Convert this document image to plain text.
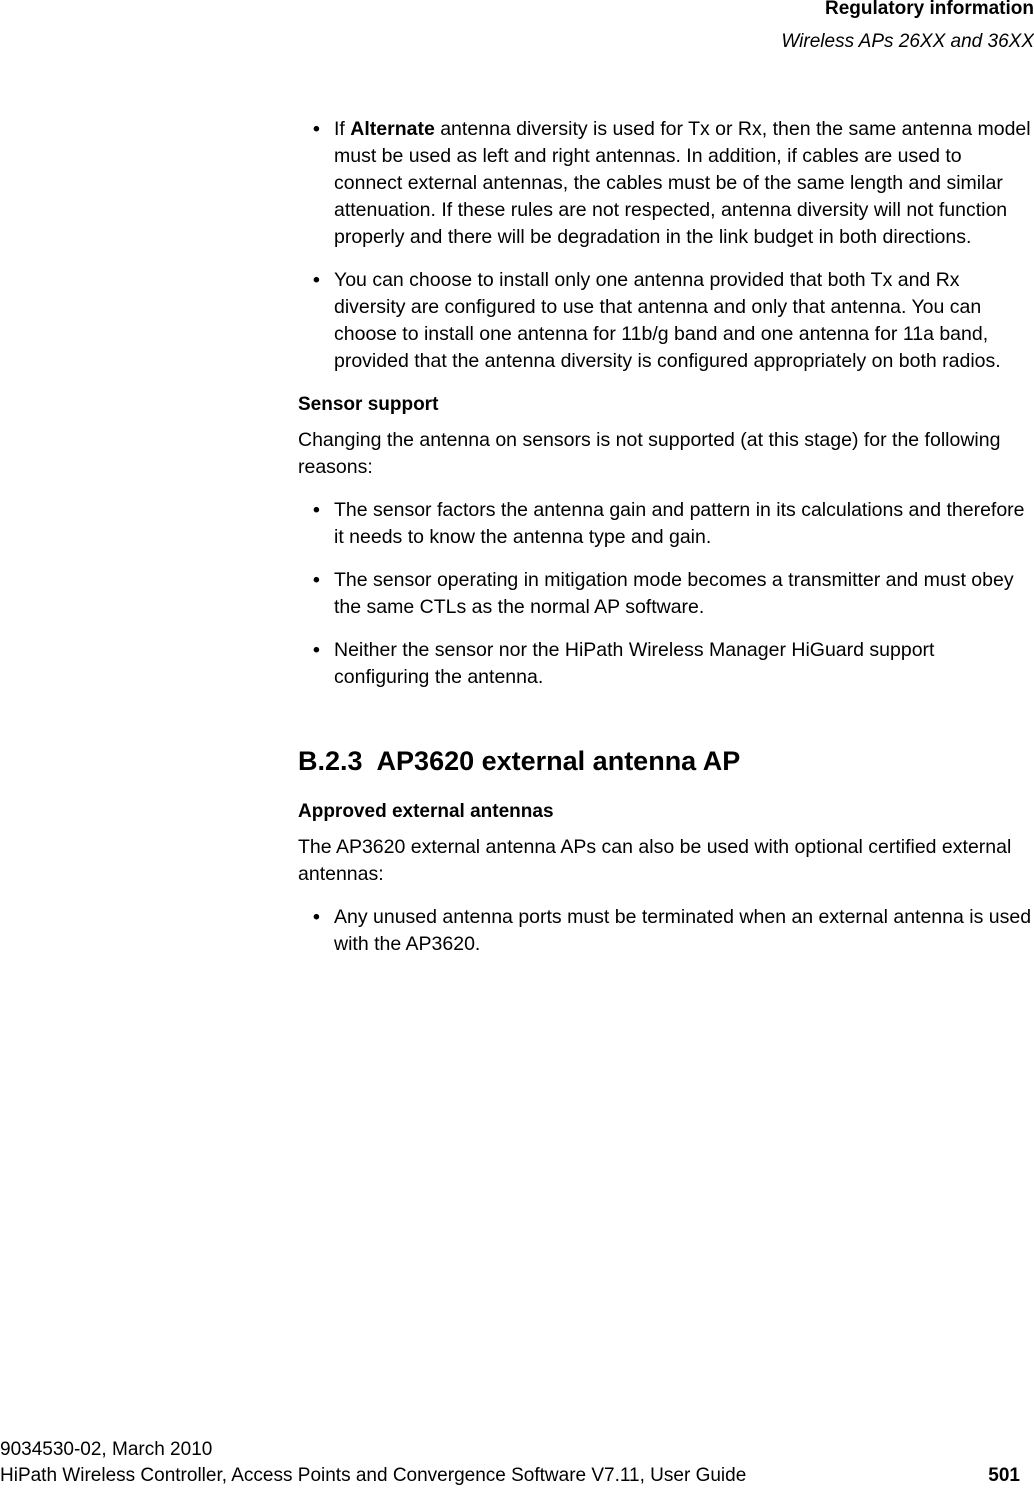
Regulatory information
Wireless APs 26XX and 36XX
• If Alternate antenna diversity is used for Tx or Rx, then the same antenna model must be used as left and right antennas. In addition, if cables are used to connect external antennas, the cables must be of the same length and similar attenuation. If these rules are not respected, antenna diversity will not function properly and there will be degradation in the link budget in both directions.
• You can choose to install only one antenna provided that both Tx and Rx diversity are configured to use that antenna and only that antenna. You can choose to install one antenna for 11b/g band and one antenna for 11a band, provided that the antenna diversity is configured appropriately on both radios.
Sensor support

Changing the antenna on sensors is not supported (at this stage) for the following reasons:

• The sensor factors the antenna gain and pattern in its calculations and therefore it needs to know the antenna type and gain.
• The sensor operating in mitigation mode becomes a transmitter and must obey the same CTLs as the normal AP software.
• Neither the sensor nor the HiPath Wireless Manager HiGuard support configuring the antenna.
B.2.3 AP3620 external antenna AP
Approved external antennas

The AP3620 external antenna APs can also be used with optional certified external antennas:

• Any unused antenna ports must be terminated when an external antenna is used with the AP3620.
9034530-02, March 2010
HiPath Wireless Controller, Access Points and Convergence Software V7.11, User Guide	501
